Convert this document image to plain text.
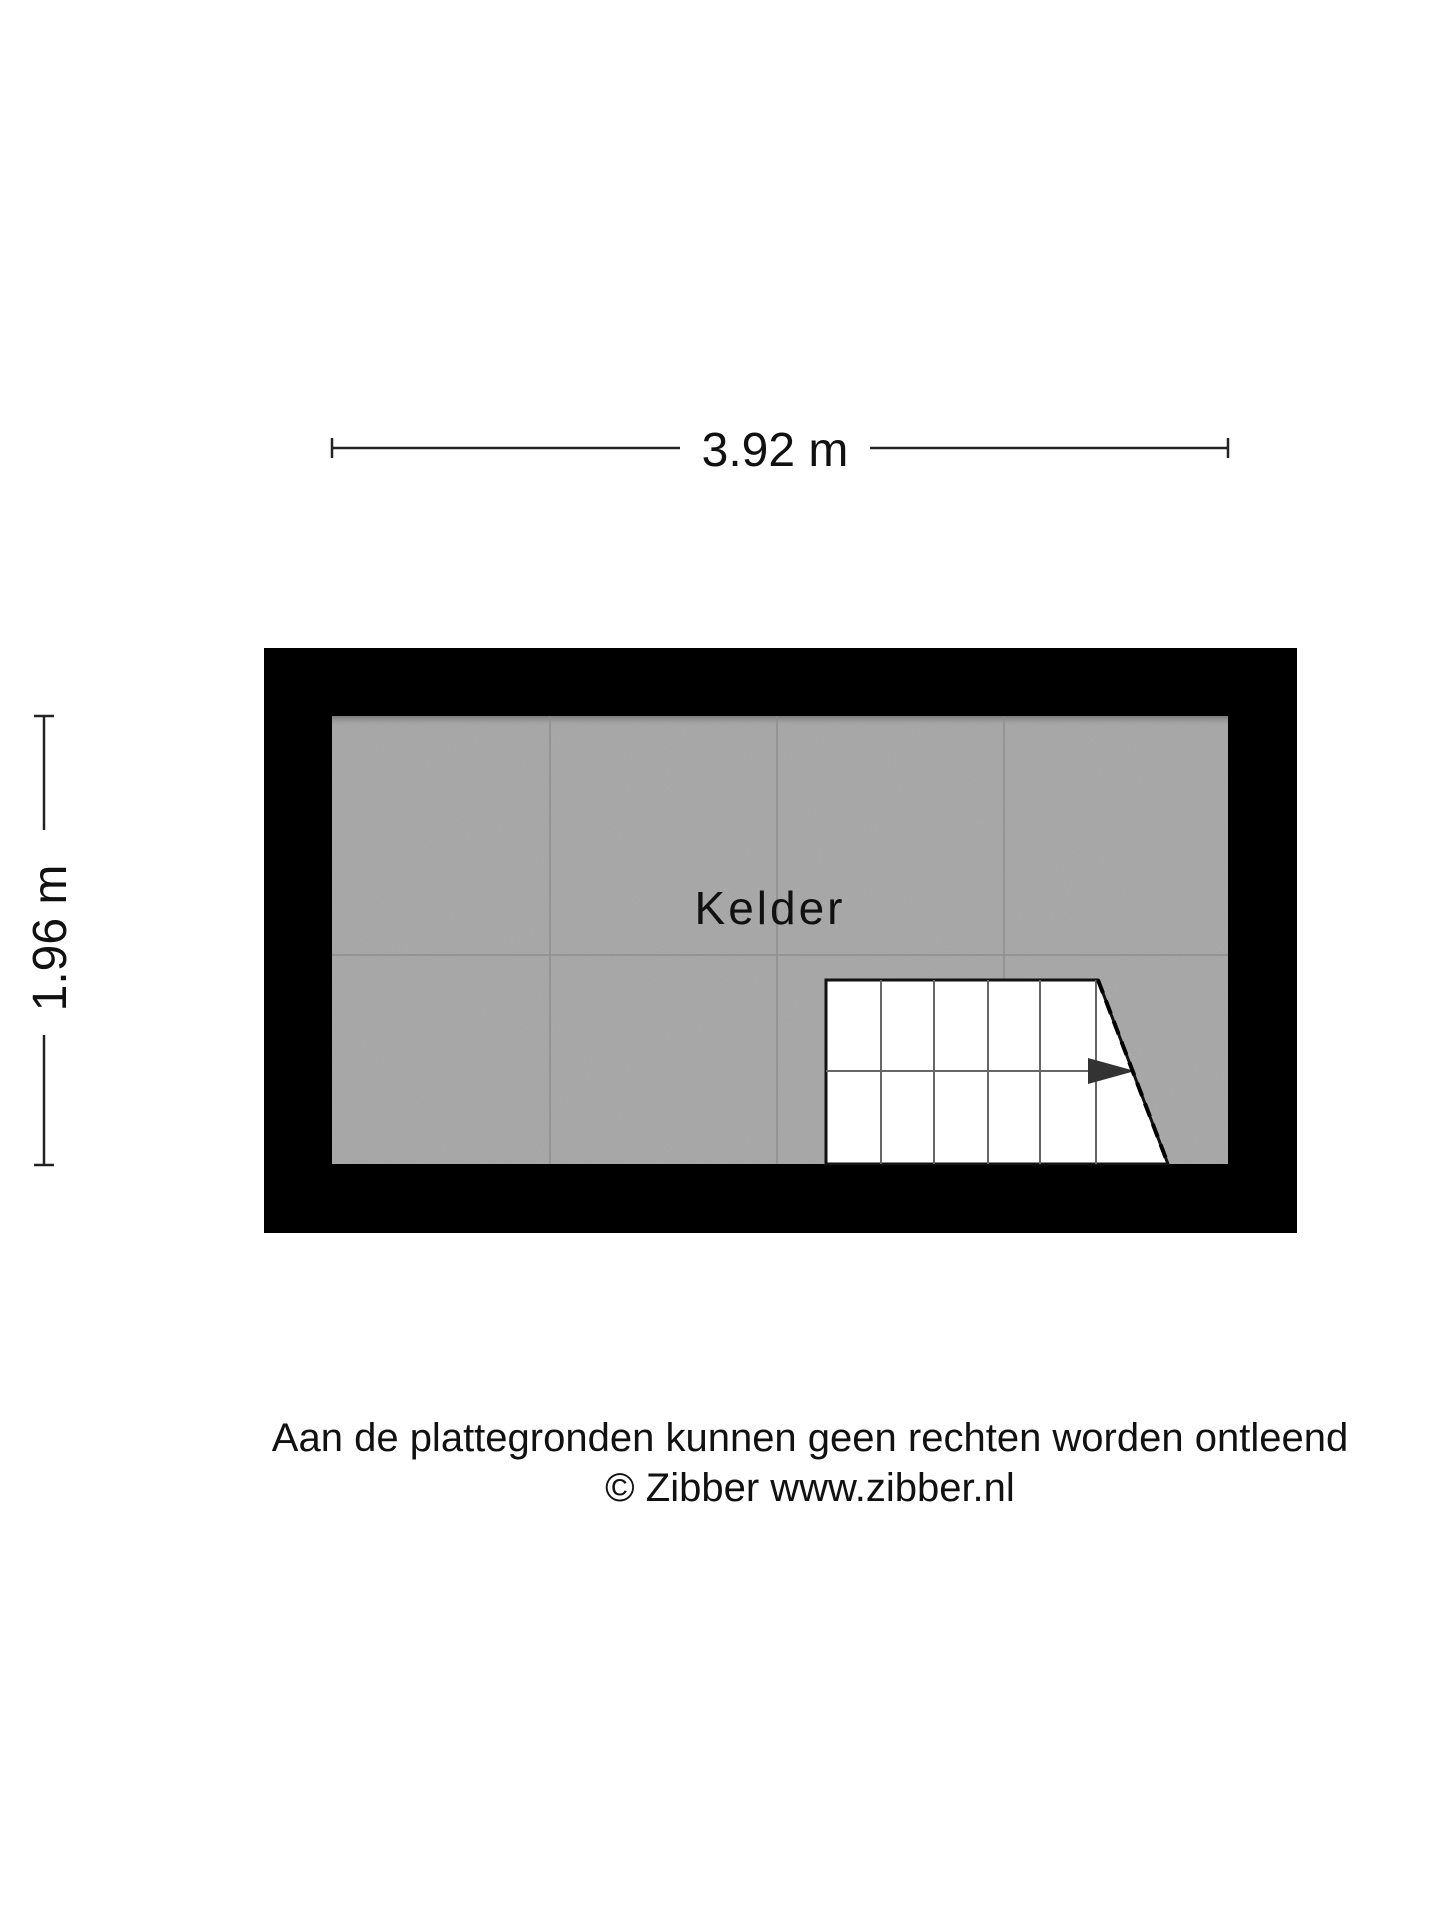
3.92 m
1.96 m	Kelder
Aan de plattegronden kunnen geen rechten worden ontleend
© Zibber www.zibber.nl
